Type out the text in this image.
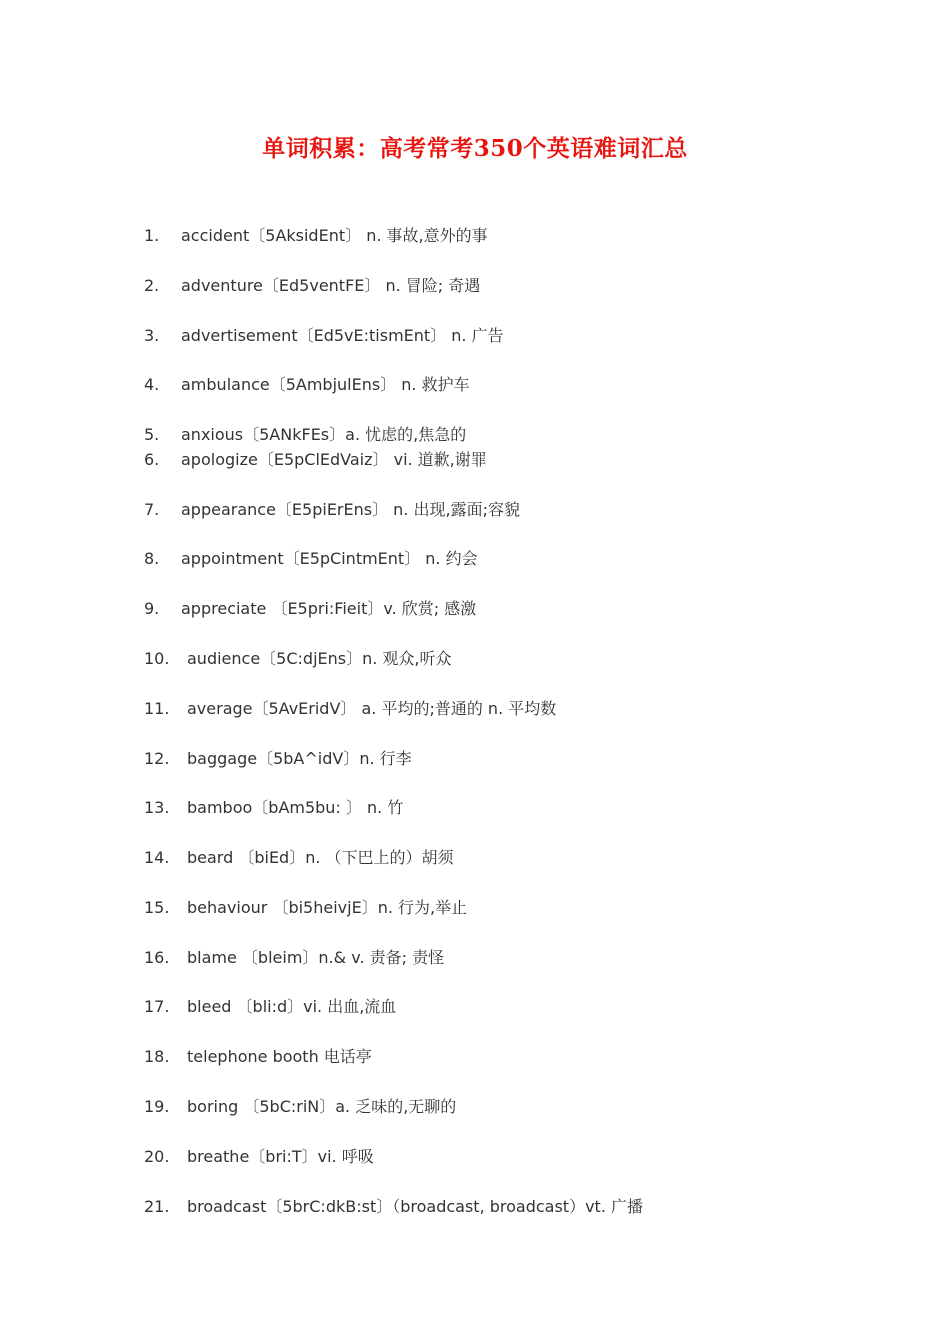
单词积累：高考常考350个英语难词汇总
1. accident〔5AksidEnt〕 n. 事故,意外的事
2. adventure〔Ed5ventFE〕 n. 冒险; 奇遇
3. advertisement〔Ed5vE:tismEnt〕 n. 广告
4. ambulance〔5AmbjulEns〕 n. 救护车
5. anxious〔5ANkFEs〕a. 忧虑的,焦急的
6. apologize〔E5pClEdVaiz〕 vi. 道歉,谢罪
7. appearance〔E5piErEns〕 n. 出现,露面;容貌
8. appointment〔E5pCintmEnt〕 n. 约会
9. appreciate 〔E5pri:Fieit〕v. 欣赏; 感激
10. audience〔5C:djEns〕n. 观众,听众
11. average〔5AvEridV〕 a. 平均的;普通的 n. 平均数
12. baggage〔5bA^idV〕n. 行李
13. bamboo〔bAm5bu: 〕 n. 竹
14. beard 〔biEd〕n. （下巴上的）胡须
15. behaviour 〔bi5heivjE〕n. 行为,举止
16. blame 〔bleim〕n.& v. 责备; 责怪
17. bleed 〔bli:d〕vi. 出血,流血
18. telephone booth 电话亭
19. boring 〔5bC:riN〕a. 乏味的,无聊的
20. breathe〔bri:T〕vi. 呼吸
21. broadcast〔5brC:dkB:st〕（broadcast, broadcast）vt. 广播
